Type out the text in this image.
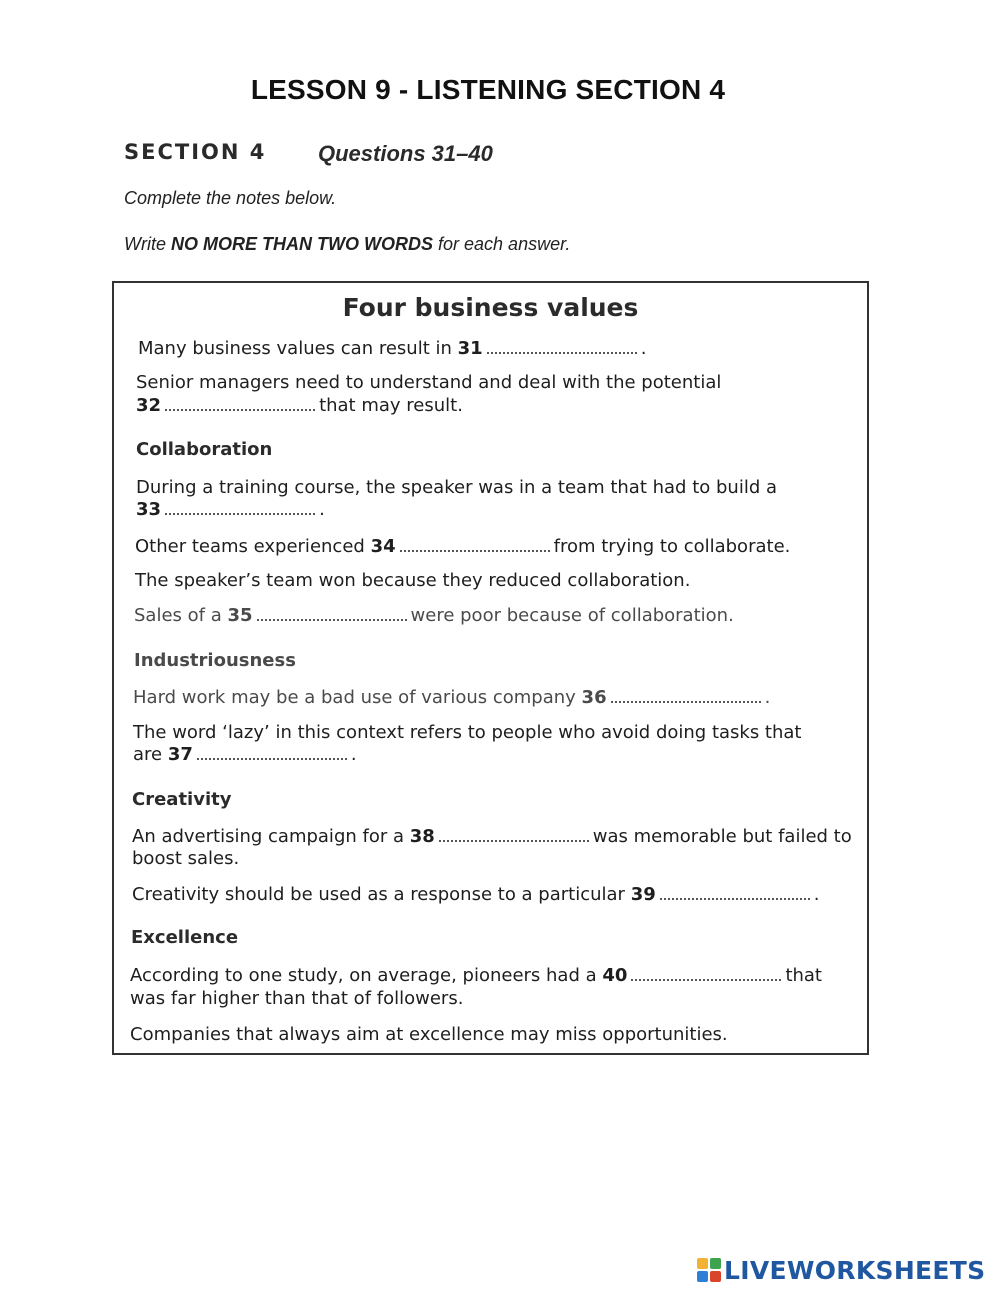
LESSON 9 - LISTENING SECTION 4
SECTION 4 Questions 31–40
Complete the notes below.
Write NO MORE THAN TWO WORDS for each answer.
Four business values
Many business values can result in 31	.
Senior managers need to understand and deal with the potential
32	that may result.
Collaboration
During a training course, the speaker was in a team that had to build a
33	.
Other teams experienced 34	from trying to collaborate.
The speaker’s team won because they reduced collaboration.
Sales of a 35	were poor because of collaboration.
Industriousness
Hard work may be a bad use of various company 36	.
The word ‘lazy’ in this context refers to people who avoid doing tasks that
are 37	.
Creativity
An advertising campaign for a 38	was memorable but failed to
boost sales.
Creativity should be used as a response to a particular 39	.
Excellence
According to one study, on average, pioneers had a 40	that
was far higher than that of followers.
Companies that always aim at excellence may miss opportunities.
LIVEWORKSHEETS
